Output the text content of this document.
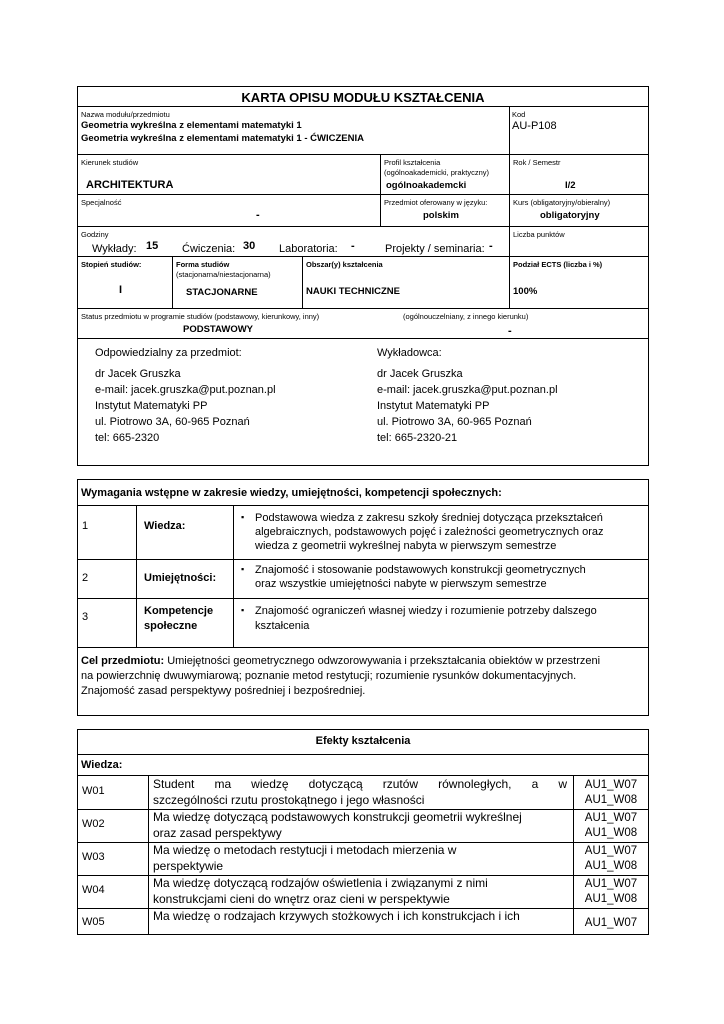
KARTA OPISU MODUŁU KSZTAŁCENIA
Nazwa modułu/przedmiotu
Geometria wykreślna z elementami matematyki 1
Geometria wykreślna z elementami matematyki 1 - ĆWICZENIA
Kod
AU-P108
Kierunek studiów
ARCHITEKTURA
Profil kształcenia
(ogólnoakademicki, praktyczny)
ogólnoakademcki
Rok / Semestr
I/2
Specjalność
-
Przedmiot oferowany w języku:
polskim
Kurs (obligatoryjny/obieralny)
obligatoryjny
Godziny	Liczba punktów
Wykłady: 15 Ćwiczenia: 30 Laboratoria: -	Projekty / seminaria: -
Stopień studiów:
I
Forma studiów
(stacjonarna/niestacjonarna)
STACJONARNE
Obszar(y) kształcenia
NAUKI TECHNICZNE
Podział ECTS (liczba i %)
100%
Status przedmiotu w programie studiów (podstawowy, kierunkowy, inny)	(ogólnouczelniany, z innego kierunku)
PODSTAWOWY	-
Odpowiedzialny za przedmiot:
dr Jacek Gruszka
e-mail: jacek.gruszka@put.poznan.pl
Instytut Matematyki PP
ul. Piotrowo 3A, 60-965 Poznań
tel: 665-2320
Wykładowca:
dr Jacek Gruszka
e-mail: jacek.gruszka@put.poznan.pl
Instytut Matematyki PP
ul. Piotrowo 3A, 60-965 Poznań
tel: 665-2320-21
Wymagania wstępne w zakresie wiedzy, umiejętności, kompetencji społecznych:
1	Wiedza:
▪ Podstawowa wiedza z zakresu szkoły średniej dotycząca przekształceń
algebraicznych, podstawowych pojęć i zależności geometrycznych oraz
wiedza z geometrii wykreślnej nabyta w pierwszym semestrze
2	Umiejętności:
▪ Znajomość i stosowanie podstawowych konstrukcji geometrycznych
oraz wszystkie umiejętności nabyte w pierwszym semestrze
3	Kompetencje
społeczne
▪ Znajomość ograniczeń własnej wiedzy i rozumienie potrzeby dalszego
kształcenia
Cel przedmiotu: Umiejętności geometrycznego odwzorowywania i przekształcania obiektów w przestrzeni
na powierzchnię dwuwymiarową; poznanie metod restytucji; rozumienie rysunków dokumentacyjnych.
Znajomość zasad perspektywy pośredniej i bezpośredniej.
Efekty kształcenia
Wiedza:
W01	Student ma wiedzę dotyczącą rzutów równoległych, a w
szczególności rzutu prostokątnego i jego własności
AU1_W07
AU1_W08
W02	Ma wiedzę dotyczącą podstawowych konstrukcji geometrii wykreślnej
oraz zasad perspektywy
AU1_W07
AU1_W08
W03	Ma wiedzę o metodach restytucji i metodach mierzenia w
perspektywie
AU1_W07
AU1_W08
W04	Ma wiedzę dotyczącą rodzajów oświetlenia i związanymi z nimi
konstrukcjami cieni do wnętrz oraz cieni w perspektywie
AU1_W07
AU1_W08
W05	Ma wiedzę o rodzajach krzywych stożkowych i ich konstrukcjach i ich	AU1_W07
